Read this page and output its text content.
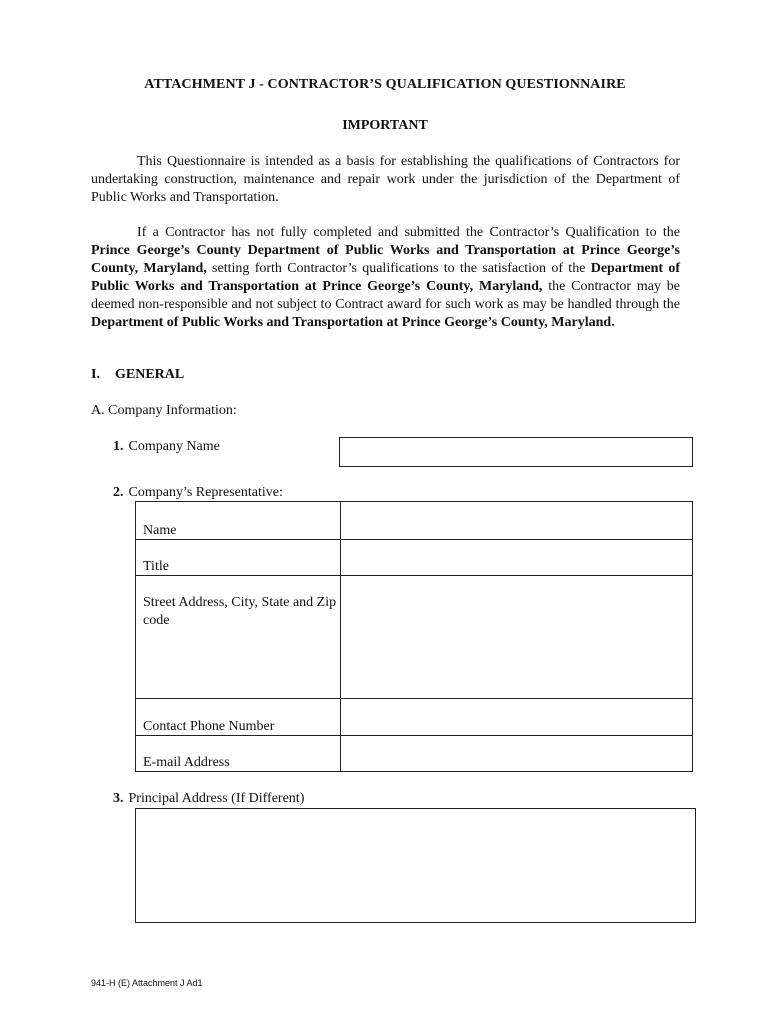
ATTACHMENT J - CONTRACTOR’S QUALIFICATION QUESTIONNAIRE
IMPORTANT

This Questionnaire is intended as a basis for establishing the qualifications of Contractors for undertaking construction, maintenance and repair work under the jurisdiction of the Department of Public Works and Transportation.

If a Contractor has not fully completed and submitted the Contractor’s Qualification to the Prince George’s County Department of Public Works and Transportation at Prince George’s County, Maryland, setting forth Contractor’s qualifications to the satisfaction of the Department of Public Works and Transportation at Prince George’s County, Maryland, the Contractor may be deemed non-responsible and not subject to Contract award for such work as may be handled through the Department of Public Works and Transportation at Prince George’s County, Maryland.

I. GENERAL
A. Company Information:
1. Company Name
2. Company’s Representative:
Name
Title
Street Address, City, State and Zip code
Contact Phone Number
E-mail Address
3. Principal Address (If Different)
941-H (E) Attachment J Ad1
